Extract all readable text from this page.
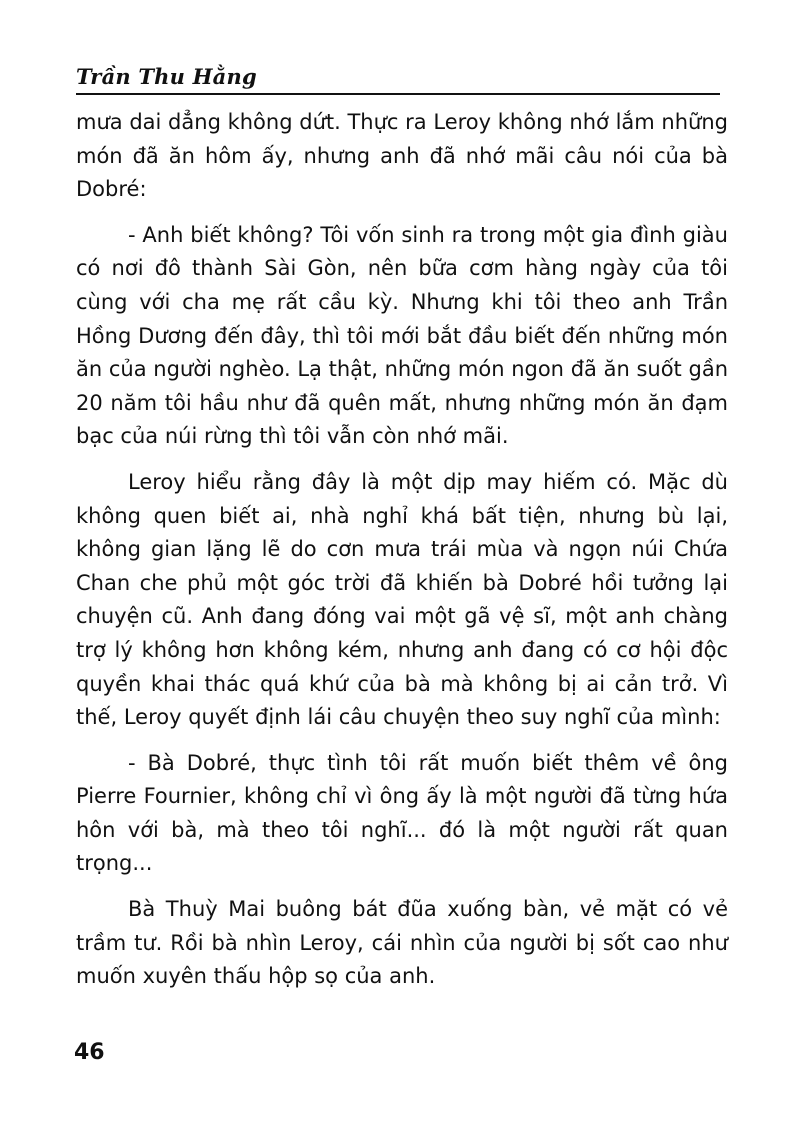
Trần Thu Hằng

mưa dai dẳng không dứt. Thực ra Leroy không nhớ lắm những món đã ăn hôm ấy, nhưng anh đã nhớ mãi câu nói của bà Dobré:

- Anh biết không? Tôi vốn sinh ra trong một gia đình giàu có nơi đô thành Sài Gòn, nên bữa cơm hàng ngày của tôi cùng với cha mẹ rất cầu kỳ. Nhưng khi tôi theo anh Trần Hồng Dương đến đây, thì tôi mới bắt đầu biết đến những món ăn của người nghèo. Lạ thật, những món ngon đã ăn suốt gần 20 năm tôi hầu như đã quên mất, nhưng những món ăn đạm bạc của núi rừng thì tôi vẫn còn nhớ mãi.

Leroy hiểu rằng đây là một dịp may hiếm có. Mặc dù không quen biết ai, nhà nghỉ khá bất tiện, nhưng bù lại, không gian lặng lẽ do cơn mưa trái mùa và ngọn núi Chứa Chan che phủ một góc trời đã khiến bà Dobré hồi tưởng lại chuyện cũ. Anh đang đóng vai một gã vệ sĩ, một anh chàng trợ lý không hơn không kém, nhưng anh đang có cơ hội độc quyền khai thác quá khứ của bà mà không bị ai cản trở. Vì thế, Leroy quyết định lái câu chuyện theo suy nghĩ của mình:

- Bà Dobré, thực tình tôi rất muốn biết thêm về ông Pierre Fournier, không chỉ vì ông ấy là một người đã từng hứa hôn với bà, mà theo tôi nghĩ... đó là một người rất quan trọng...

Bà Thuỳ Mai buông bát đũa xuống bàn, vẻ mặt có vẻ trầm tư. Rồi bà nhìn Leroy, cái nhìn của người bị sốt cao như muốn xuyên thấu hộp sọ của anh.

46
